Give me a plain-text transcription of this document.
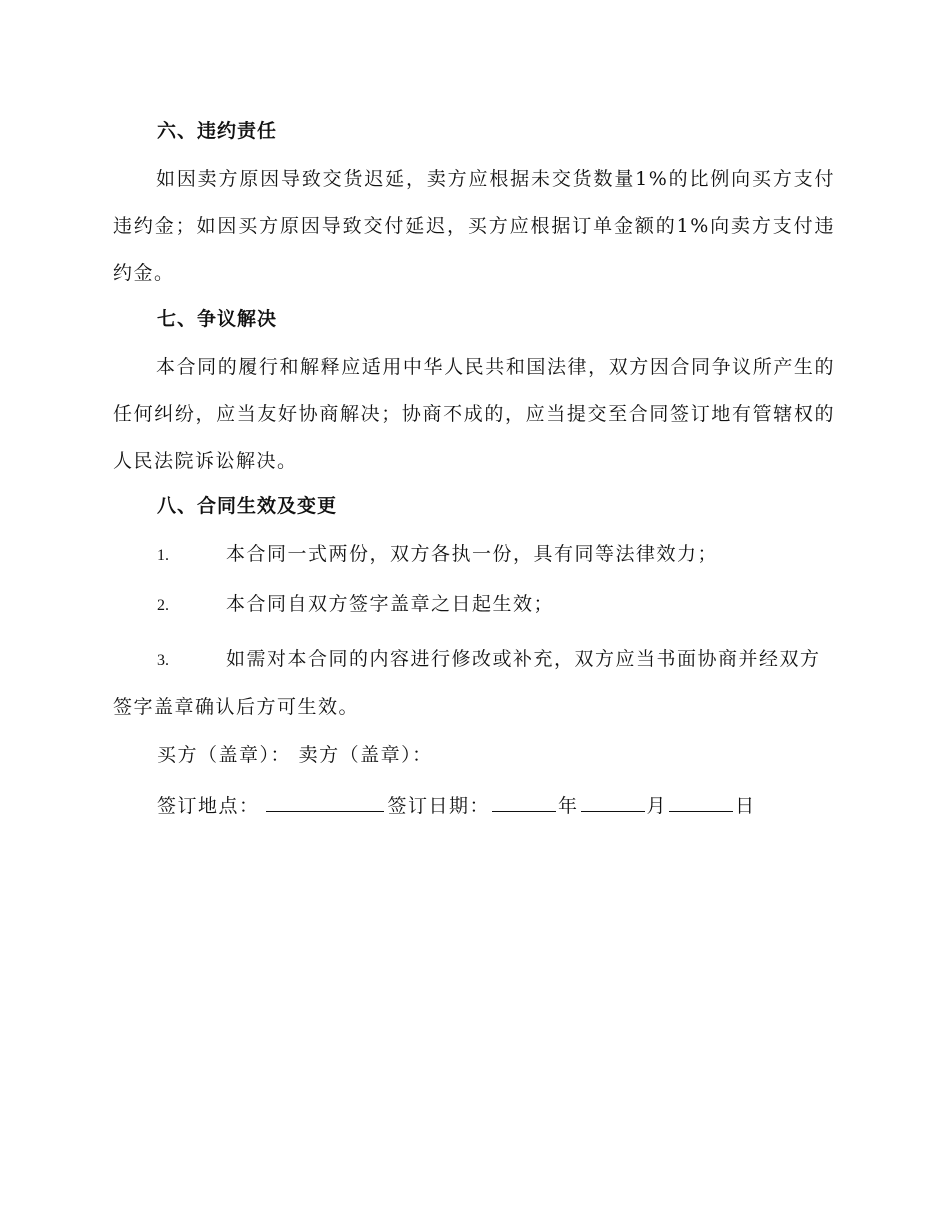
六、违约责任
如因卖方原因导致交货迟延，卖方应根据未交货数量1%的比例向买方支付违约金；如因买方原因导致交付延迟，买方应根据订单金额的1%向卖方支付违约金。
七、争议解决
本合同的履行和解释应适用中华人民共和国法律，双方因合同争议所产生的任何纠纷，应当友好协商解决；协商不成的，应当提交至合同签订地有管辖权的人民法院诉讼解决。
八、合同生效及变更
1.	本合同一式两份，双方各执一份，具有同等法律效力；
2.	本合同自双方签字盖章之日起生效；
3.	如需对本合同的内容进行修改或补充，双方应当书面协商并经双方签字盖章确认后方可生效。
买方（盖章）： 卖方（盖章）：
签订地点：	签订日期：	年	月	日
